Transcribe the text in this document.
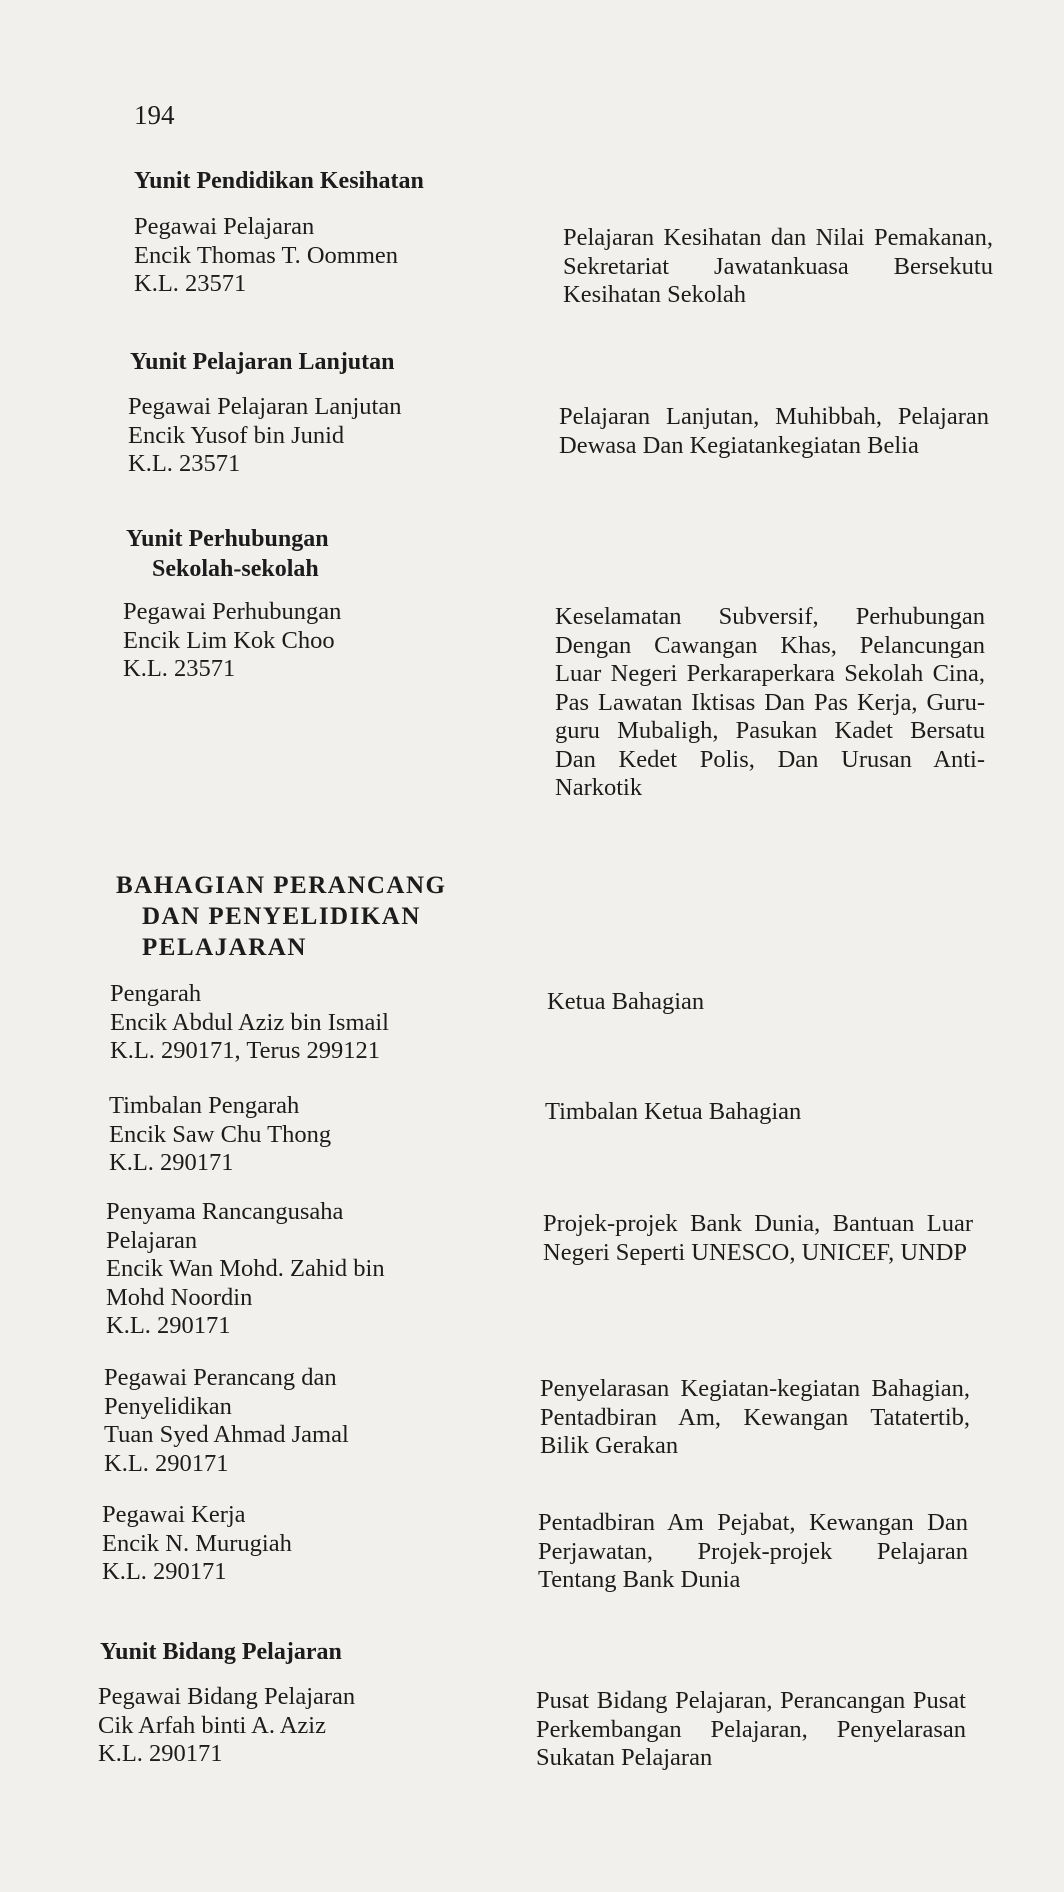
194
Yunit Pendidikan Kesihatan
Pegawai Pelajaran
Encik Thomas T. Oommen
K.L. 23571

Pelajaran Kesihatan dan Nilai Pemakanan, Sekretariat Jawatankuasa Bersekutu Kesihatan Sekolah

Yunit Pelajaran Lanjutan
Pegawai Pelajaran Lanjutan
Encik Yusof bin Junid
K.L. 23571

Pelajaran Lanjutan, Muhibbah, Pelajaran Dewasa Dan Kegiatankegiatan Belia

Yunit Perhubungan
Sekolah-sekolah
Pegawai Perhubungan
Encik Lim Kok Choo
K.L. 23571

Keselamatan Subversif, Perhubungan Dengan Cawangan Khas, Pelancungan Luar Negeri Perkaraperkara Sekolah Cina, Pas Lawatan Iktisas Dan Pas Kerja, Guruguru Mubaligh, Pasukan Kadet Bersatu Dan Kedet Polis, Dan Urusan Anti-Narkotik

BAHAGIAN PERANCANG
DAN PENYELIDIKAN
PELAJARAN
Pengarah
Encik Abdul Aziz bin Ismail
K.L. 290171, Terus 299121

Ketua Bahagian

Timbalan Pengarah
Encik Saw Chu Thong
K.L. 290171

Timbalan Ketua Bahagian

Penyama Rancangusaha
Pelajaran
Encik Wan Mohd. Zahid bin
Mohd Noordin
K.L. 290171

Projek-projek Bank Dunia, Bantuan Luar Negeri Seperti UNESCO, UNICEF, UNDP

Pegawai Perancang dan
Penyelidikan
Tuan Syed Ahmad Jamal
K.L. 290171

Penyelarasan Kegiatan-kegiatan Bahagian, Pentadbiran Am, Kewangan Tatatertib, Bilik Gerakan

Pegawai Kerja
Encik N. Murugiah
K.L. 290171

Pentadbiran Am Pejabat, Kewangan Dan Perjawatan, Projek-projek Pelajaran Tentang Bank Dunia

Yunit Bidang Pelajaran
Pegawai Bidang Pelajaran
Cik Arfah binti A. Aziz
K.L. 290171

Pusat Bidang Pelajaran, Perancangan Pusat Perkembangan Pelajaran, Penyelarasan Sukatan Pelajaran
